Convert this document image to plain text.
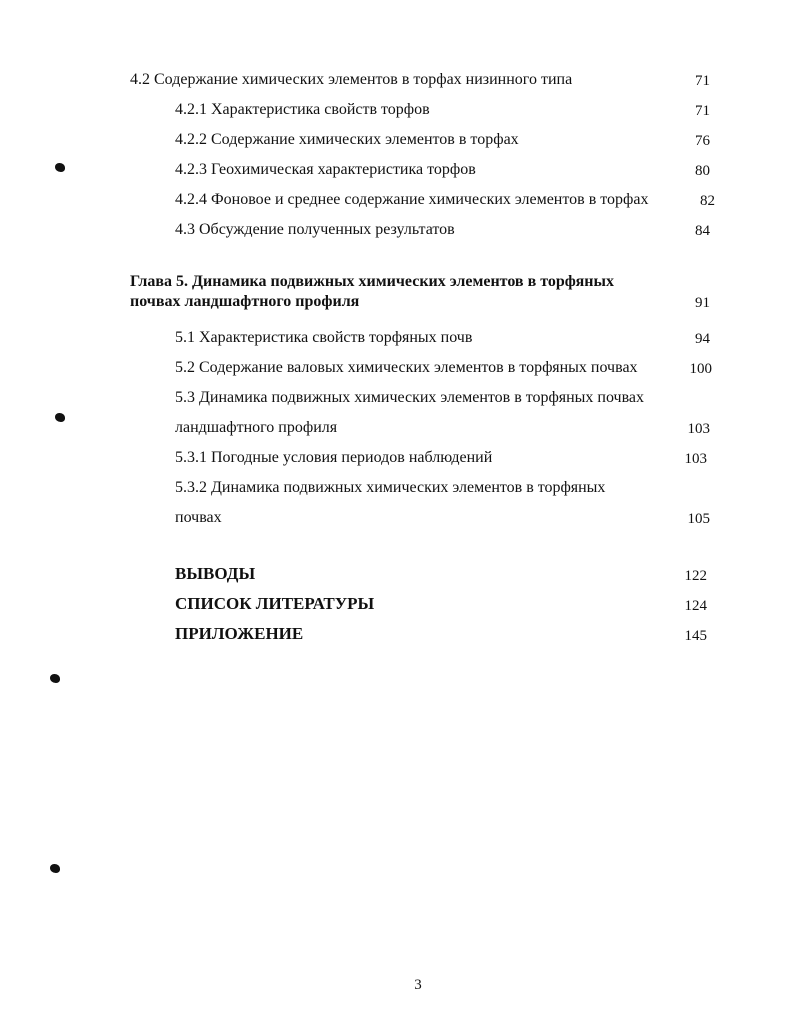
4.2 Содержание химических элементов в торфах низинного типа	71
4.2.1 Характеристика свойств торфов	71
4.2.2 Содержание химических элементов в торфах	76
4.2.3 Геохимическая характеристика торфов	80
4.2.4 Фоновое и среднее содержание химических элементов в торфах	82
4.3 Обсуждение полученных результатов	84
Глава 5. Динамика подвижных химических элементов в торфяных
почвах ландшафтного профиля	91
5.1 Характеристика свойств торфяных почв	94
5.2 Содержание валовых химических элементов в торфяных почвах	100
5.3 Динамика подвижных химических элементов в торфяных почвах
ландшафтного профиля	103
5.3.1 Погодные условия периодов наблюдений	103
5.3.2 Динамика подвижных химических элементов в торфяных
почвах	105
ВЫВОДЫ	122
СПИСОК ЛИТЕРАТУРЫ	124
ПРИЛОЖЕНИЕ	145
3
